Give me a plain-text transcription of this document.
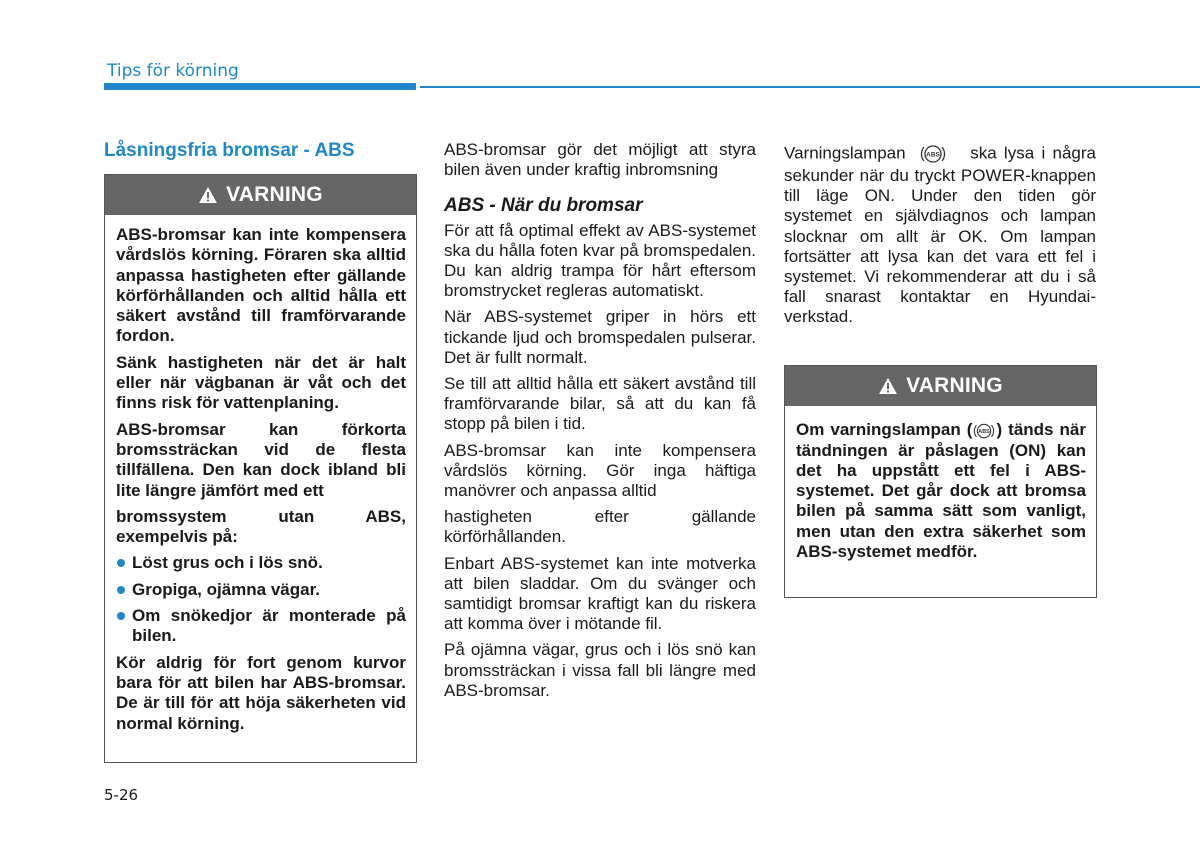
Tips för körning
Låsningsfria bromsar - ABS
VARNING

ABS-bromsar kan inte kompensera vårdslös körning. Föraren ska alltid anpassa hastigheten efter gällande körförhållanden och alltid hålla ett säkert avstånd till framförvarande fordon.

Sänk hastigheten när det är halt eller när vägbanan är våt och det finns risk för vattenplaning.

ABS-bromsar kan förkorta bromssträckan vid de flesta tillfällena. Den kan dock ibland bli lite längre jämfört med ett

bromssystem utan ABS, exempelvis på:

Löst grus och i lös snö.
Gropiga, ojämna vägar.
Om snökedjor är monterade på bilen.

Kör aldrig för fort genom kurvor bara för att bilen har ABS-bromsar. De är till för att höja säkerheten vid normal körning.

ABS-bromsar gör det möjligt att styra bilen även under kraftig inbromsning

ABS - När du bromsar

För att få optimal effekt av ABS-systemet ska du hålla foten kvar på bromspedalen. Du kan aldrig trampa för hårt eftersom bromstrycket regleras automatiskt.

När ABS-systemet griper in hörs ett tickande ljud och bromspedalen pulserar. Det är fullt normalt.

Se till att alltid hålla ett säkert avstånd till framförvarande bilar, så att du kan få stopp på bilen i tid.

ABS-bromsar kan inte kompensera vårdslös körning. Gör inga häftiga manövrer och anpassa alltid

hastigheten efter gällande körförhållanden.

Enbart ABS-systemet kan inte motverka att bilen sladdar. Om du svänger och samtidigt bromsar kraftigt kan du riskera att komma över i mötande fil.

På ojämna vägar, grus och i lös snö kan bromssträckan i vissa fall bli längre med ABS-bromsar.

Varningslampan	ABS ska lysa i några sekunder när du tryckt POWER-knappen till läge ON. Under den tiden gör systemet en självdiagnos och lampan slocknar om allt är OK. Om lampan fortsätter att lysa kan det vara ett fel i systemet. Vi rekommenderar att du i så fall snarast kontaktar en Hyundai-verkstad.

VARNING

Om varningslampan ( ABS ) tänds när tändningen är påslagen (ON) kan det ha uppstått ett fel i ABS-systemet. Det går dock att bromsa bilen på samma sätt som vanligt, men utan den extra säkerhet som ABS-systemet medför.

5-26
